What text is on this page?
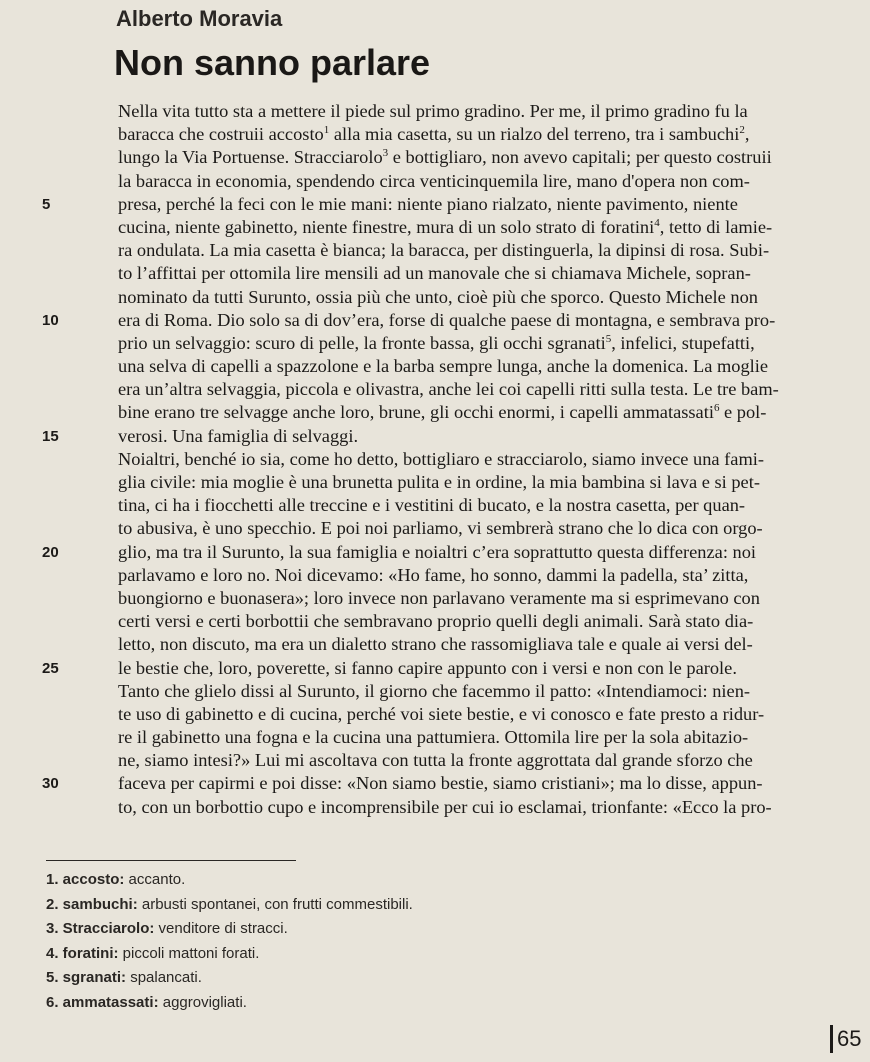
Alberto Moravia
Non sanno parlare
Nella vita tutto sta a mettere il piede sul primo gradino. Per me, il primo gradino fu la
baracca che costruii accosto$^1$ alla mia casetta, su un rialzo del terreno, tra i sambuchi$^2$,
lungo la Via Portuense. Stracciarolo$^3$ e bottigliaro, non avevo capitali; per questo costruii
la baracca in economia, spendendo circa venticinquemila lire, mano d'opera non com-
5	presa, perché la feci con le mie mani: niente piano rialzato, niente pavimento, niente
cucina, niente gabinetto, niente finestre, mura di un solo strato di foratini$^4$, tetto di lamie-
ra ondulata. La mia casetta è bianca; la baracca, per distinguerla, la dipinsi di rosa. Subi-
to l’affittai per ottomila lire mensili ad un manovale che si chiamava Michele, sopran-
nominato da tutti Surunto, ossia più che unto, cioè più che sporco. Questo Michele non
10	era di Roma. Dio solo sa di dov’era, forse di qualche paese di montagna, e sembrava pro-
prio un selvaggio: scuro di pelle, la fronte bassa, gli occhi sgranati$^5$, infelici, stupefatti,
una selva di capelli a spazzolone e la barba sempre lunga, anche la domenica. La moglie
era un’altra selvaggia, piccola e olivastra, anche lei coi capelli ritti sulla testa. Le tre bam-
bine erano tre selvagge anche loro, brune, gli occhi enormi, i capelli ammatassati$^6$ e pol-
15	verosi. Una famiglia di selvaggi.
Noialtri, benché io sia, come ho detto, bottigliaro e stracciarolo, siamo invece una fami-
glia civile: mia moglie è una brunetta pulita e in ordine, la mia bambina si lava e si pet-
tina, ci ha i fiocchetti alle treccine e i vestitini di bucato, e la nostra casetta, per quan-
to abusiva, è uno specchio. E poi noi parliamo, vi sembrerà strano che lo dica con orgo-
20	glio, ma tra il Surunto, la sua famiglia e noialtri c’era soprattutto questa differenza: noi
parlavamo e loro no. Noi dicevamo: «Ho fame, ho sonno, dammi la padella, sta’ zitta,
buongiorno e buonasera»; loro invece non parlavano veramente ma si esprimevano con
certi versi e certi borbottii che sembravano proprio quelli degli animali. Sarà stato dia-
letto, non discuto, ma era un dialetto strano che rassomigliava tale e quale ai versi del-
25	le bestie che, loro, poverette, si fanno capire appunto con i versi e non con le parole.
Tanto che glielo dissi al Surunto, il giorno che facemmo il patto: «Intendiamoci: nien-
te uso di gabinetto e di cucina, perché voi siete bestie, e vi conosco e fate presto a ridur-
re il gabinetto una fogna e la cucina una pattumiera. Ottomila lire per la sola abitazio-
ne, siamo intesi?» Lui mi ascoltava con tutta la fronte aggrottata dal grande sforzo che
30	faceva per capirmi e poi disse: «Non siamo bestie, siamo cristiani»; ma lo disse, appun-
to, con un borbottio cupo e incomprensibile per cui io esclamai, trionfante: «Ecco la pro-
1. accosto: accanto.
2. sambuchi: arbusti spontanei, con frutti commestibili.
3. Stracciarolo: venditore di stracci.
4. foratini: piccoli mattoni forati.
5. sgranati: spalancati.
6. ammatassati: aggrovigliati.
65
